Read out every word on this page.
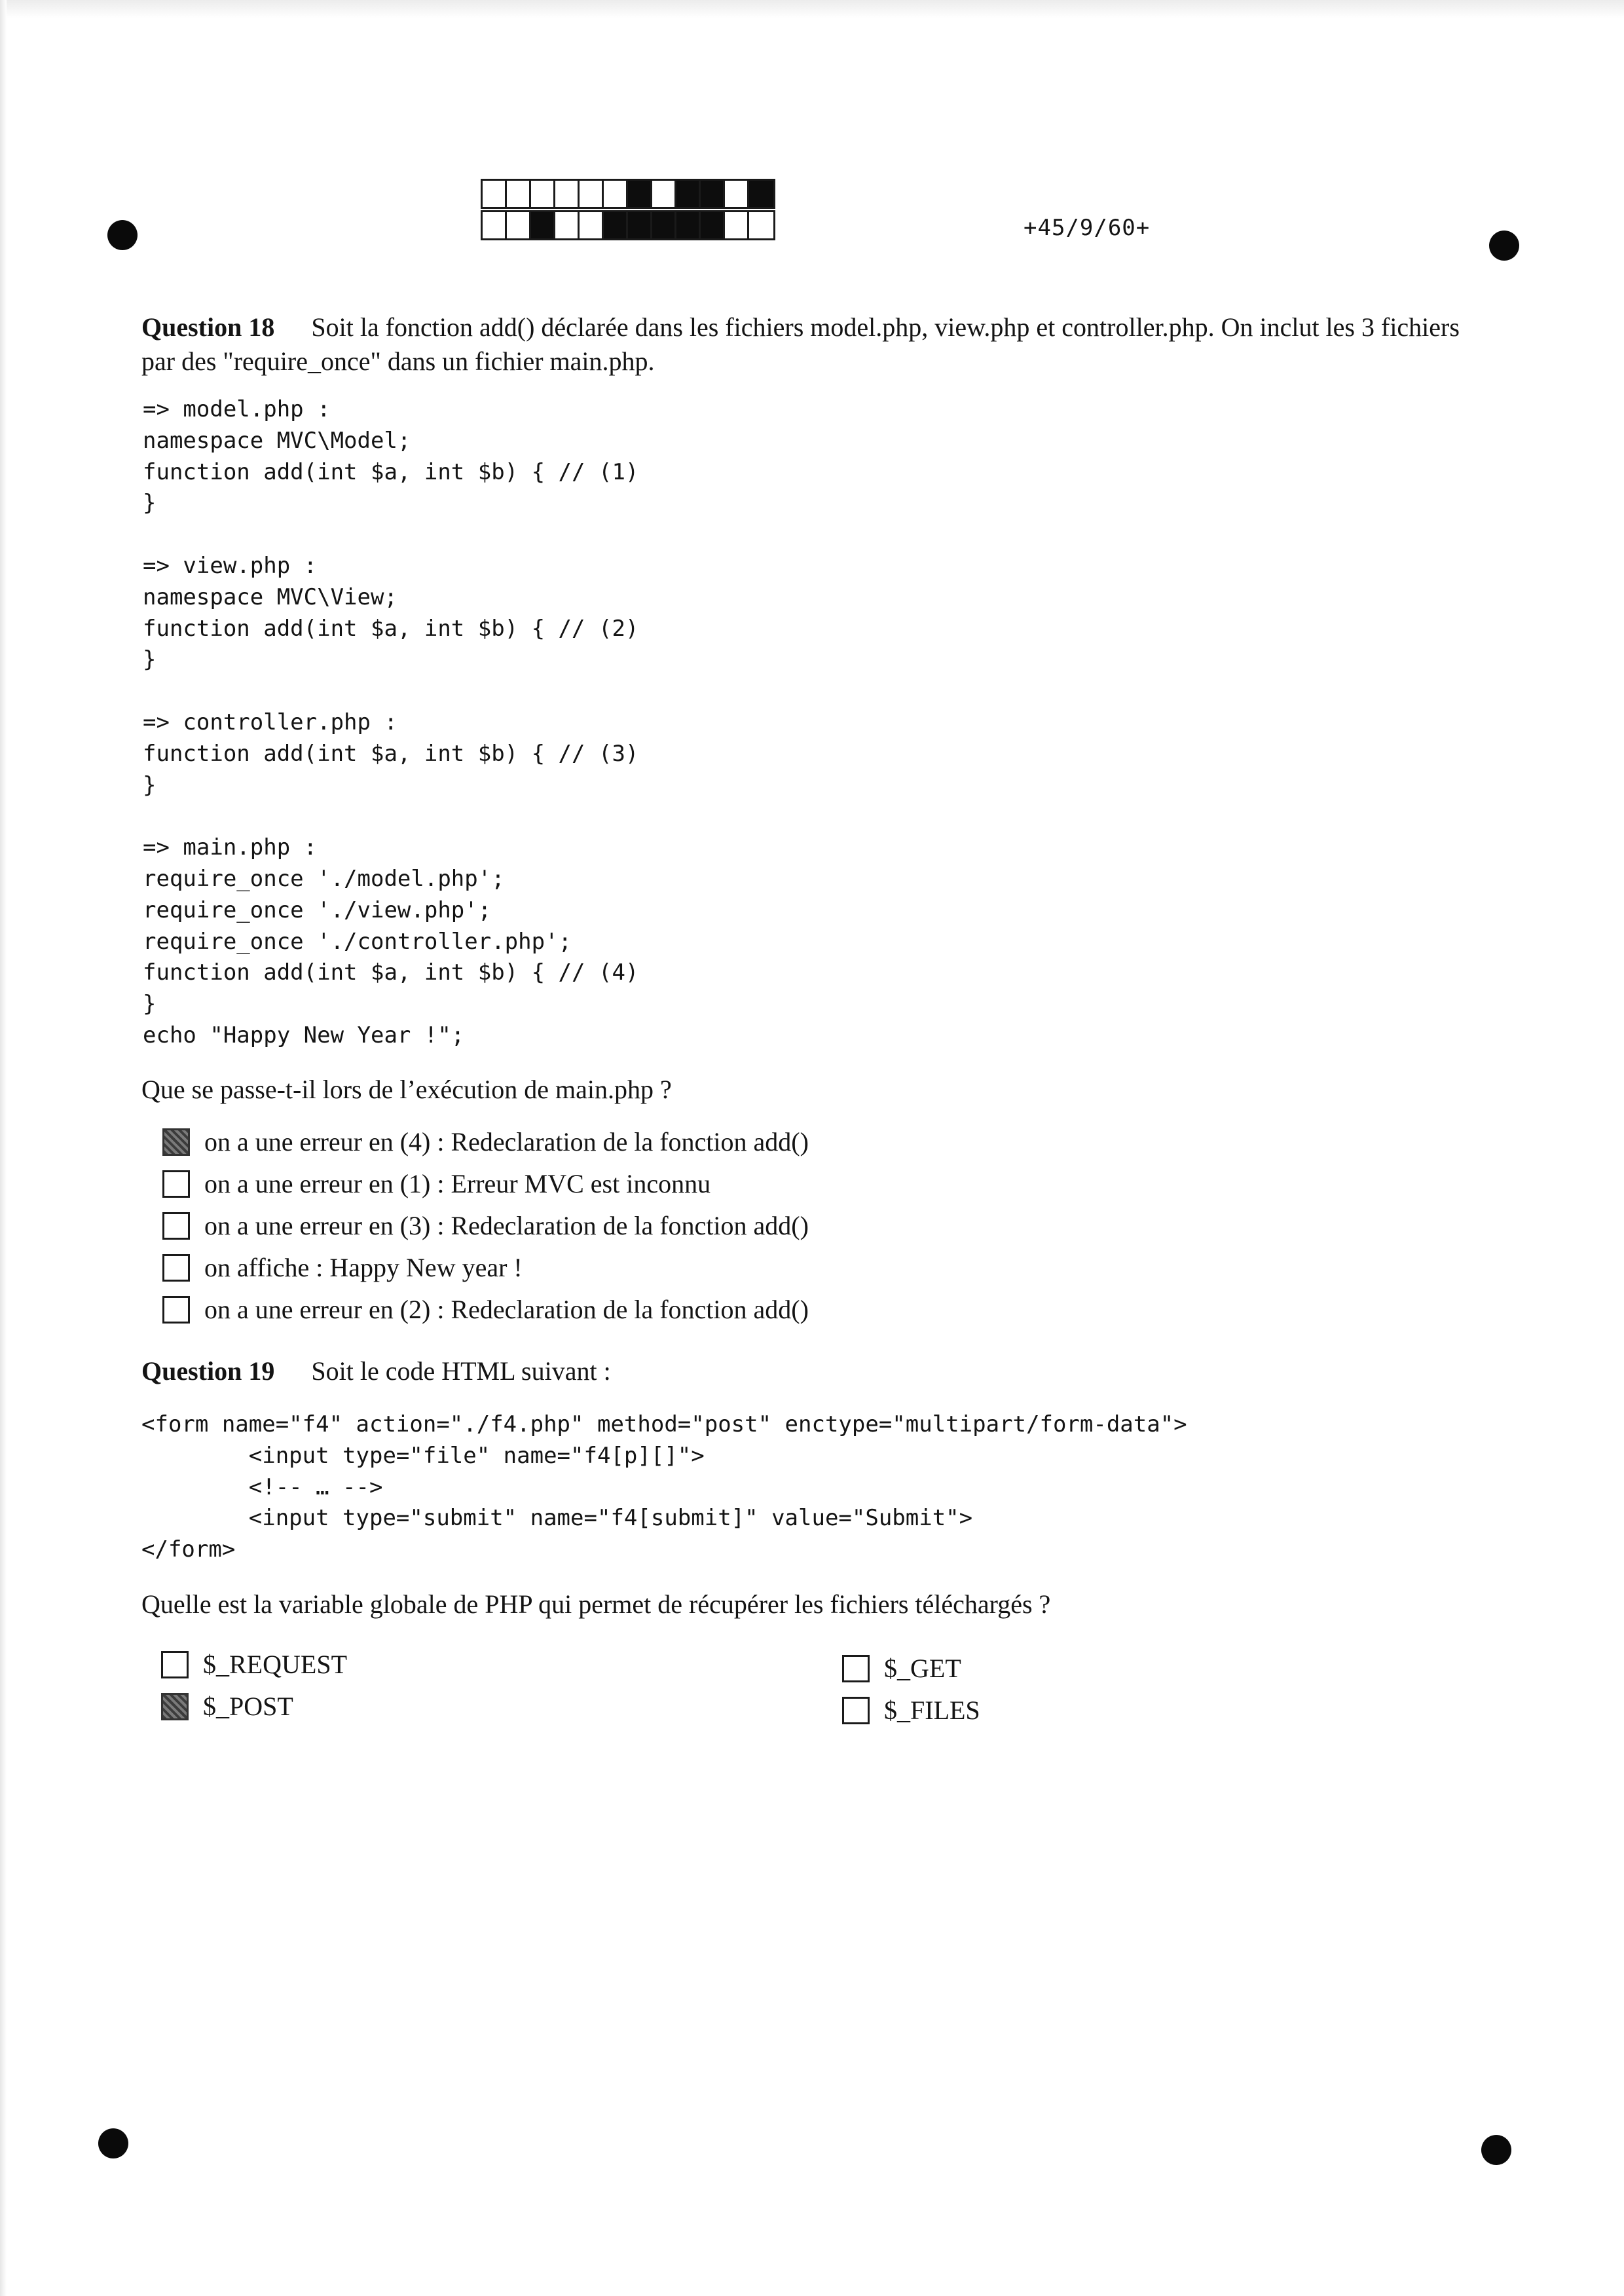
+45/9/60+
Question 18 Soit la fonction add() déclarée dans les fichiers model.php, view.php et controller.php. On inclut les 3 fichiers
par des "require_once" dans un fichier main.php.
=> model.php :
namespace MVC\Model;
function add(int $a, int $b) { // (1)
}

=> view.php :
namespace MVC\View;
function add(int $a, int $b) { // (2)
}

=> controller.php :
function add(int $a, int $b) { // (3)
}

=> main.php :
require_once './model.php';
require_once './view.php';
require_once './controller.php';
function add(int $a, int $b) { // (4)
}
echo "Happy New Year !";
Que se passe-t-il lors de l’exécution de main.php ?
on a une erreur en (4) : Redeclaration de la fonction add()
on a une erreur en (1) : Erreur MVC est inconnu
on a une erreur en (3) : Redeclaration de la fonction add()
on affiche : Happy New year !
on a une erreur en (2) : Redeclaration de la fonction add()
Question 19 Soit le code HTML suivant :
<form name="f4" action="./f4.php" method="post" enctype="multipart/form-data">
<input type="file" name="f4[p][]">
<!-- … -->
<input type="submit" name="f4[submit]" value="Submit">
</form>
Quelle est la variable globale de PHP qui permet de récupérer les fichiers téléchargés ?
$_REQUEST
$_POST
$_GET
$_FILES
